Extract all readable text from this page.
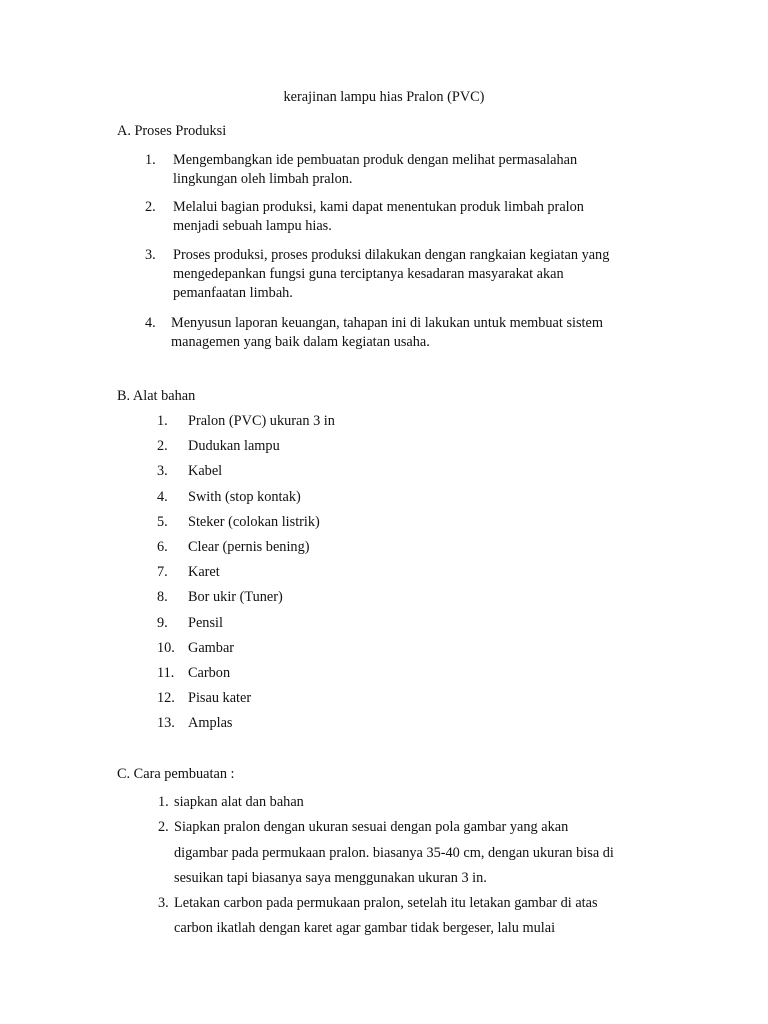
kerajinan lampu hias Pralon (PVC)
A. Proses Produksi
1. Mengembangkan ide pembuatan produk dengan melihat permasalahan
lingkungan oleh limbah pralon.
2. Melalui bagian produksi, kami dapat menentukan produk limbah pralon
menjadi sebuah lampu hias.
3. Proses produksi, proses produksi dilakukan dengan rangkaian kegiatan yang
mengedepankan fungsi guna terciptanya kesadaran masyarakat akan
pemanfaatan limbah.
4. Menyusun laporan keuangan, tahapan ini di lakukan untuk membuat sistem
managemen yang baik dalam kegiatan usaha.
B. Alat bahan
1. Pralon (PVC) ukuran 3 in
2. Dudukan lampu
3. Kabel
4. Swith (stop kontak)
5. Steker (colokan listrik)
6. Clear (pernis bening)
7. Karet
8. Bor ukir (Tuner)
9. Pensil
10. Gambar
11. Carbon
12. Pisau kater
13. Amplas
C. Cara pembuatan :
1. siapkan alat dan bahan
2. Siapkan pralon dengan ukuran sesuai dengan pola gambar yang akan
digambar pada permukaan pralon. biasanya 35-40 cm, dengan ukuran bisa di
sesuikan tapi biasanya saya menggunakan ukuran 3 in.
3. Letakan carbon pada permukaan pralon, setelah itu letakan gambar di atas
carbon ikatlah dengan karet agar gambar tidak bergeser, lalu mulai
